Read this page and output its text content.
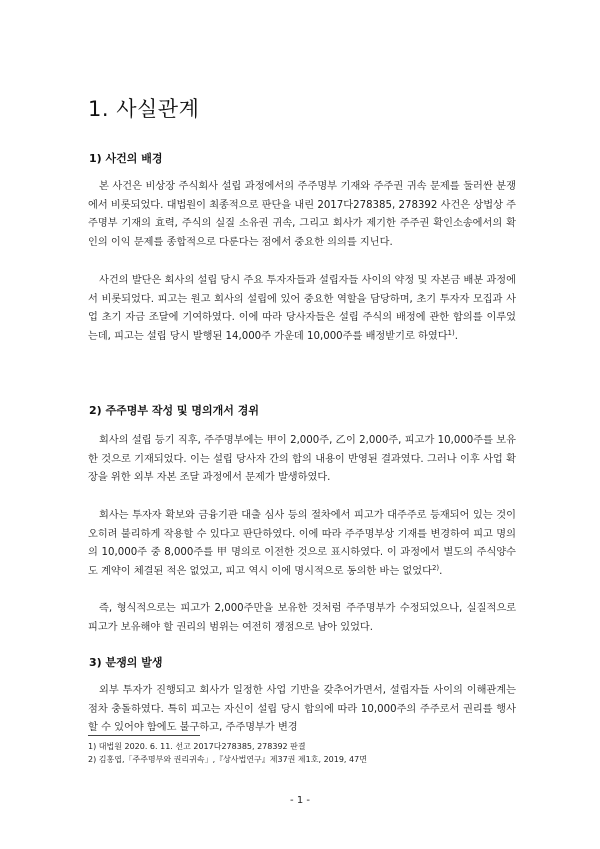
1. 사실관계
1) 사건의 배경

본 사건은 비상장 주식회사 설립 과정에서의 주주명부 기재와 주주권 귀속 문제를 둘러싼 분쟁에서 비롯되었다. 대법원이 최종적으로 판단을 내린 2017다278385, 278392 사건은 상법상 주주명부 기재의 효력, 주식의 실질 소유권 귀속, 그리고 회사가 제기한 주주권 확인소송에서의 확인의 이익 문제를 종합적으로 다룬다는 점에서 중요한 의의를 지닌다.

사건의 발단은 회사의 설립 당시 주요 투자자들과 설립자들 사이의 약정 및 자본금 배분 과정에서 비롯되었다. 피고는 원고 회사의 설립에 있어 중요한 역할을 담당하며, 초기 투자자 모집과 사업 초기 자금 조달에 기여하였다. 이에 따라 당사자들은 설립 주식의 배정에 관한 합의를 이루었는데, 피고는 설립 당시 발행된 14,000주 가운데 10,000주를 배정받기로 하였다$^{1)}$.

2) 주주명부 작성 및 명의개서 경위

회사의 설립 등기 직후, 주주명부에는 甲이 2,000주, 乙이 2,000주, 피고가 10,000주를 보유한 것으로 기재되었다. 이는 설립 당사자 간의 합의 내용이 반영된 결과였다. 그러나 이후 사업 확장을 위한 외부 자본 조달 과정에서 문제가 발생하였다.

회사는 투자자 확보와 금융기관 대출 심사 등의 절차에서 피고가 대주주로 등재되어 있는 것이 오히려 불리하게 작용할 수 있다고 판단하였다. 이에 따라 주주명부상 기재를 변경하여 피고 명의의 10,000주 중 8,000주를 甲 명의로 이전한 것으로 표시하였다. 이 과정에서 별도의 주식양수도 계약이 체결된 적은 없었고, 피고 역시 이에 명시적으로 동의한 바는 없었다$^{2)}$.

즉, 형식적으로는 피고가 2,000주만을 보유한 것처럼 주주명부가 수정되었으나, 실질적으로 피고가 보유해야 할 권리의 범위는 여전히 쟁점으로 남아 있었다.

3) 분쟁의 발생

외부 투자가 진행되고 회사가 일정한 사업 기반을 갖추어가면서, 설립자들 사이의 이해관계는 점차 충돌하였다. 특히 피고는 자신이 설립 당시 합의에 따라 10,000주의 주주로서 권리를 행사할 수 있어야 함에도 불구하고, 주주명부가 변경

1) 대법원 2020. 6. 11. 선고 2017다278385, 278392 판결
2) 김홍엽,「주주명부와 권리귀속」,『상사법연구』제37권 제1호, 2019, 47면
- 1 -
